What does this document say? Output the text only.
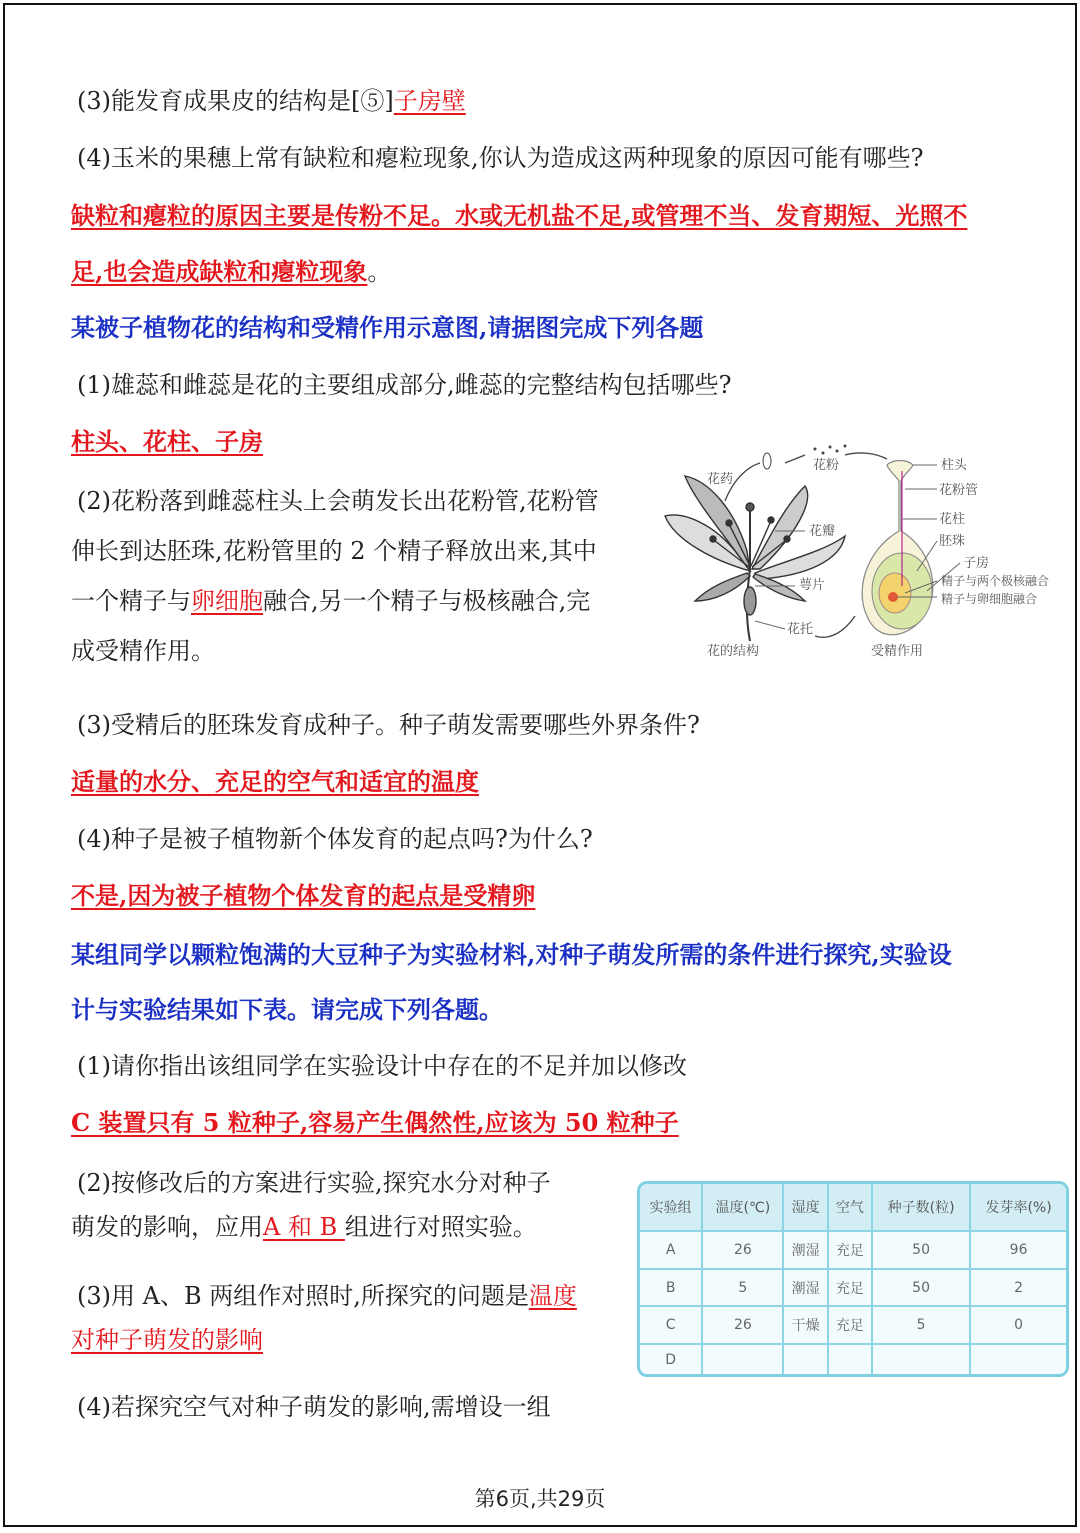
(3)能发育成果皮的结构是[⑤]子房壁
(4)玉米的果穗上常有缺粒和瘪粒现象,你认为造成这两种现象的原因可能有哪些?
缺粒和瘪粒的原因主要是传粉不足。水或无机盐不足,或管理不当、发育期短、光照不
足,也会造成缺粒和瘪粒现象。
某被子植物花的结构和受精作用示意图,请据图完成下列各题
(1)雄蕊和雌蕊是花的主要组成部分,雌蕊的完整结构包括哪些?
柱头、花柱、子房
(2)花粉落到雌蕊柱头上会萌发长出花粉管,花粉管
伸长到达胚珠,花粉管里的 2 个精子释放出来,其中
一个精子与卵细胞融合,另一个精子与极核融合,完
成受精作用。
花药
花粉
花瓣
萼片
花托
花的结构
柱头
花粉管
花柱
胚珠
子房
精子与两个极核融合
精子与卵细胞融合
受精作用
(3)受精后的胚珠发育成种子。种子萌发需要哪些外界条件?
适量的水分、充足的空气和适宜的温度
(4)种子是被子植物新个体发育的起点吗?为什么?
不是,因为被子植物个体发育的起点是受精卵
某组同学以颗粒饱满的大豆种子为实验材料,对种子萌发所需的条件进行探究,实验设
计与实验结果如下表。请完成下列各题。
(1)请你指出该组同学在实验设计中存在的不足并加以修改
C 装置只有 5 粒种子,容易产生偶然性,应该为 50 粒种子
(2)按修改后的方案进行实验,探究水分对种子
萌发的影响，应用A 和 B 组进行对照实验。
(3)用 A、B 两组作对照时,所探究的问题是温度
对种子萌发的影响
(4)若探究空气对种子萌发的影响,需增设一组
实验组	温度(℃)	湿度	空气	种子数(粒)	发芽率(%)
A	26	潮湿	充足	50	96
B	5	潮湿	充足	50	2
C	26	干燥	充足	5	0
D					
第6页,共29页
